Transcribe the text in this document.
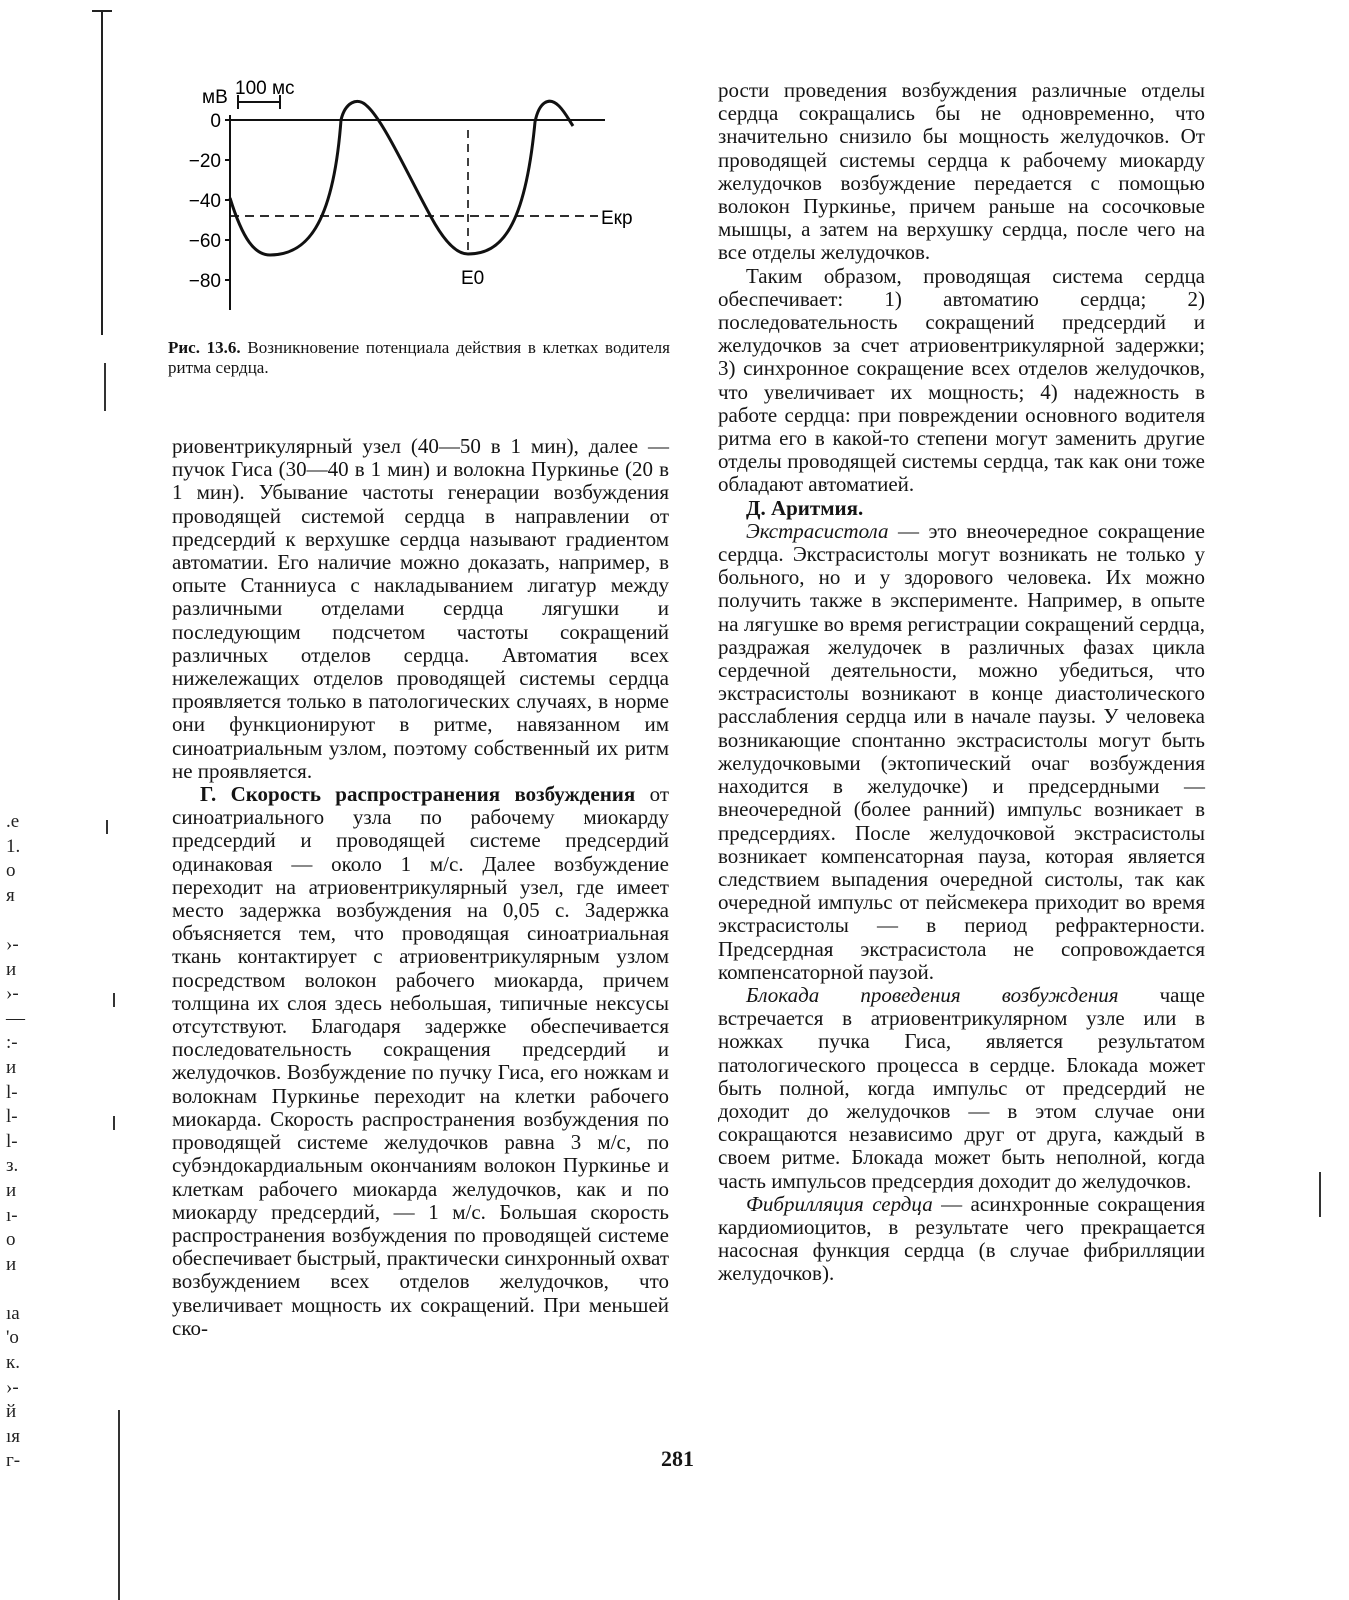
.е
1.
о
я
›-
и
›-
—
:-
и
l-
l-
l-
з.
и
ı-
о
и
ıа
'о
к.
›-
й
ıя
г-
мВ 100 мс
0
−20
−40
−60
−80
Eкр
E0
Рис. 13.6. Возникновение потенциала действия в клетках водителя ритма сердца.

риовентрикулярный узел (40—50 в 1 мин), далее — пучок Гиса (30—40 в 1 мин) и волокна Пуркинье (20 в 1 мин). Убывание частоты генерации возбуждения проводящей системой сердца в направлении от предсердий к верхушке сердца называют градиентом автоматии. Его наличие можно доказать, например, в опыте Станниуса с накладыванием лигатур между различными отделами сердца лягушки и последующим подсчетом частоты сокращений различных отделов сердца. Автоматия всех нижележащих отделов проводящей системы сердца проявляется только в патологических случаях, в норме они функционируют в ритме, навязанном им синоатриальным узлом, поэтому собственный их ритм не проявляется.

Г. Скорость распространения возбуждения от синоатриального узла по рабочему миокарду предсердий и проводящей системе предсердий одинаковая — около 1 м/с. Далее возбуждение переходит на атриовентрикулярный узел, где имеет место задержка возбуждения на 0,05 с. Задержка объясняется тем, что проводящая синоатриальная ткань контактирует с атриовентрикулярным узлом посредством волокон рабочего миокарда, причем толщина их слоя здесь небольшая, типичные нексусы отсутствуют. Благодаря задержке обеспечивается последовательность сокращения предсердий и желудочков. Возбуждение по пучку Гиса, его ножкам и волокнам Пуркинье переходит на клетки рабочего миокарда. Скорость распространения возбуждения по проводящей системе желудочков равна 3 м/с, по субэндокардиальным окончаниям волокон Пуркинье и клеткам рабочего миокарда желудочков, как и по миокарду предсердий, — 1 м/с. Большая скорость распространения возбуждения по проводящей системе обеспечивает быстрый, практически синхронный охват возбуждением всех отделов желудочков, что увеличивает мощность их сокращений. При меньшей ско-

рости проведения возбуждения различные отделы сердца сокращались бы не одновременно, что значительно снизило бы мощность желудочков. От проводящей системы сердца к рабочему миокарду желудочков возбуждение передается с помощью волокон Пуркинье, причем раньше на сосочковые мышцы, а затем на верхушку сердца, после чего на все отделы желудочков.

Таким образом, проводящая система сердца обеспечивает: 1) автоматию сердца; 2) последовательность сокращений предсердий и желудочков за счет атриовентрикулярной задержки; 3) синхронное сокращение всех отделов желудочков, что увеличивает их мощность; 4) надежность в работе сердца: при повреждении основного водителя ритма его в какой-то степени могут заменить другие отделы проводящей системы сердца, так как они тоже обладают автоматией.

Д. Аритмия.

Экстрасистола — это внеочередное сокращение сердца. Экстрасистолы могут возникать не только у больного, но и у здорового человека. Их можно получить также в эксперименте. Например, в опыте на лягушке во время регистрации сокращений сердца, раздражая желудочек в различных фазах цикла сердечной деятельности, можно убедиться, что экстрасистолы возникают в конце диастолического расслабления сердца или в начале паузы. У человека возникающие спонтанно экстрасистолы могут быть желудочковыми (эктопический очаг возбуждения находится в желудочке) и предсердными — внеочередной (более ранний) импульс возникает в предсердиях. После желудочковой экстрасистолы возникает компенсаторная пауза, которая является следствием выпадения очередной систолы, так как очередной импульс от пейсмекера приходит во время экстрасистолы — в период рефрактерности. Предсердная экстрасистола не сопровождается компенсаторной паузой.

Блокада проведения возбуждения чаще встречается в атриовентрикулярном узле или в ножках пучка Гиса, является результатом патологического процесса в сердце. Блокада может быть полной, когда импульс от предсердий не доходит до желудочков — в этом случае они сокращаются независимо друг от друга, каждый в своем ритме. Блокада может быть неполной, когда часть импульсов предсердия доходит до желудочков.

Фибрилляция сердца — асинхронные сокращения кардиомиоцитов, в результате чего прекращается насосная функция сердца (в случае фибрилляции желудочков).

281
